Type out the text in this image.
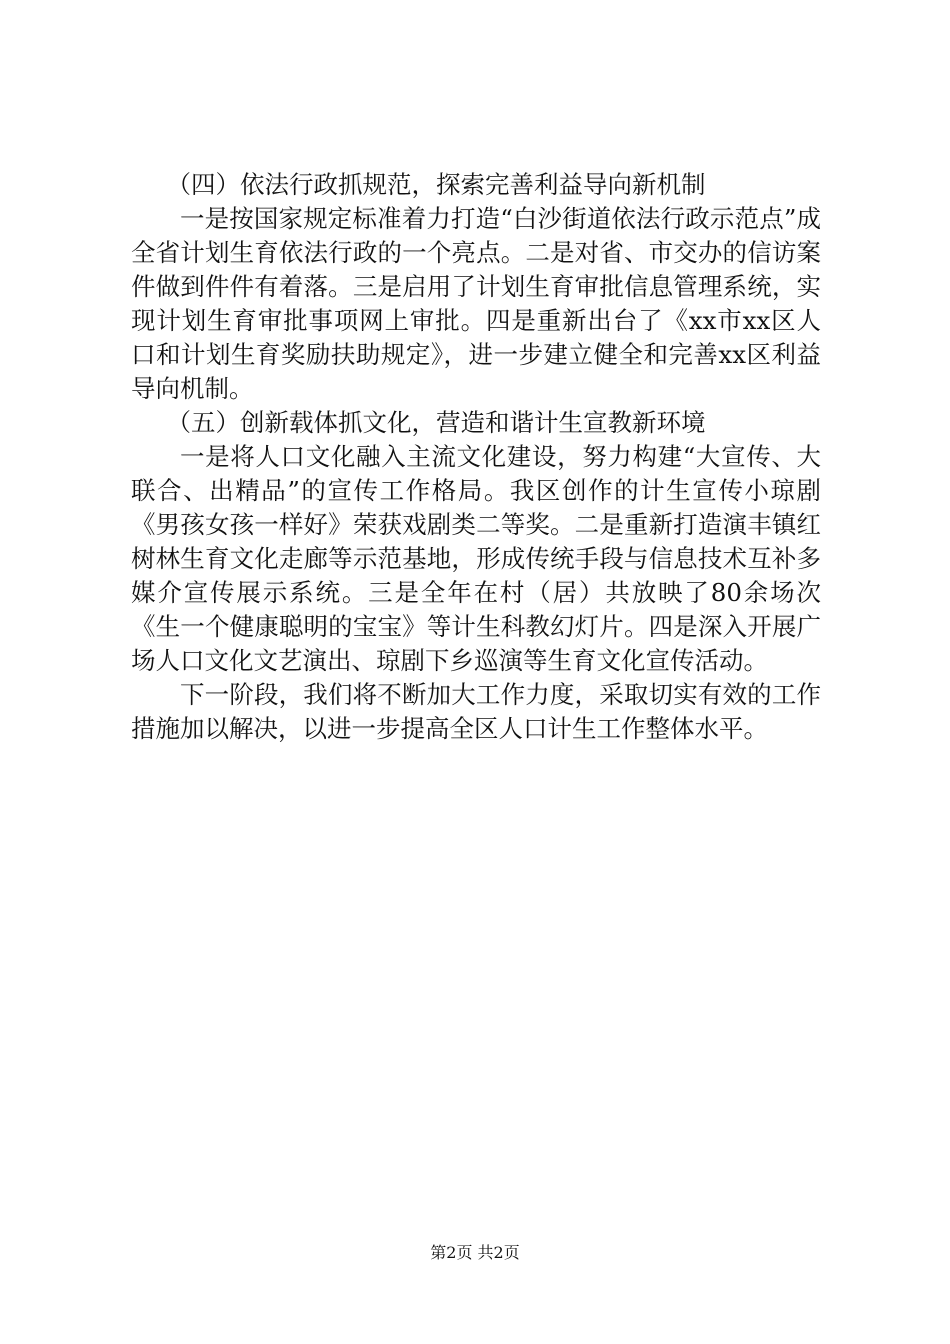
（四）依法行政抓规范，探索完善利益导向新机制

一是按国家规定标准着力打造“白沙街道依法行政示范点”成全省计划生育依法行政的一个亮点。二是对省、市交办的信访案件做到件件有着落。三是启用了计划生育审批信息管理系统，实现计划生育审批事项网上审批。四是重新出台了《xx市xx区人口和计划生育奖励扶助规定》，进一步建立健全和完善xx区利益导向机制。

（五）创新载体抓文化，营造和谐计生宣教新环境

一是将人口文化融入主流文化建设，努力构建“大宣传、大联合、出精品”的宣传工作格局。我区创作的计生宣传小琼剧《男孩女孩一样好》荣获戏剧类二等奖。二是重新打造演丰镇红树林生育文化走廊等示范基地，形成传统手段与信息技术互补多媒介宣传展示系统。三是全年在村（居）共放映了80余场次《生一个健康聪明的宝宝》等计生科教幻灯片。四是深入开展广场人口文化文艺演出、琼剧下乡巡演等生育文化宣传活动。

下一阶段，我们将不断加大工作力度，采取切实有效的工作措施加以解决，以进一步提高全区人口计生工作整体水平。

第2页 共2页
